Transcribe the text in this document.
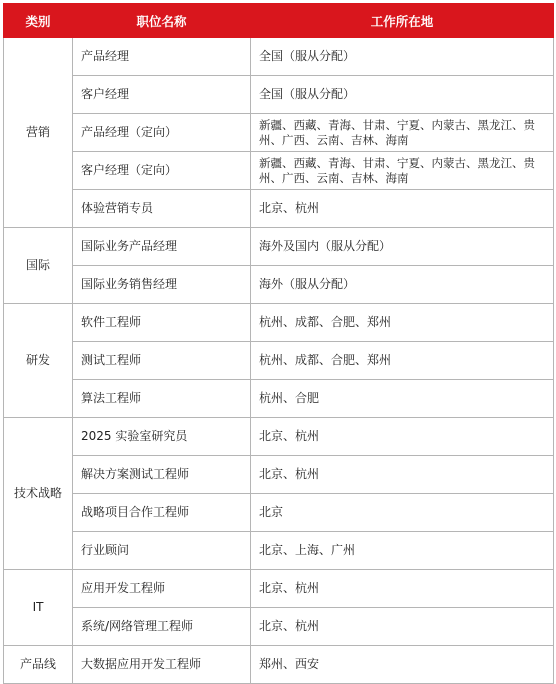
类别	职位名称	工作所在地
营销	产品经理	全国（服从分配）
	客户经理	全国（服从分配）
	产品经理（定向）	新疆、西藏、青海、甘肃、宁夏、内蒙古、黑龙江、贵州、广西、云南、吉林、海南
	客户经理（定向）	新疆、西藏、青海、甘肃、宁夏、内蒙古、黑龙江、贵州、广西、云南、吉林、海南
	体验营销专员	北京、杭州
国际	国际业务产品经理	海外及国内（服从分配）
	国际业务销售经理	海外（服从分配）
研发	软件工程师	杭州、成都、合肥、郑州
	测试工程师	杭州、成都、合肥、郑州
	算法工程师	杭州、合肥
技术战略	2025 实验室研究员	北京、杭州
	解决方案测试工程师	北京、杭州
	战略项目合作工程师	北京
	行业顾问	北京、上海、广州
IT	应用开发工程师	北京、杭州
	系统/网络管理工程师	北京、杭州
产品线	大数据应用开发工程师	郑州、西安
